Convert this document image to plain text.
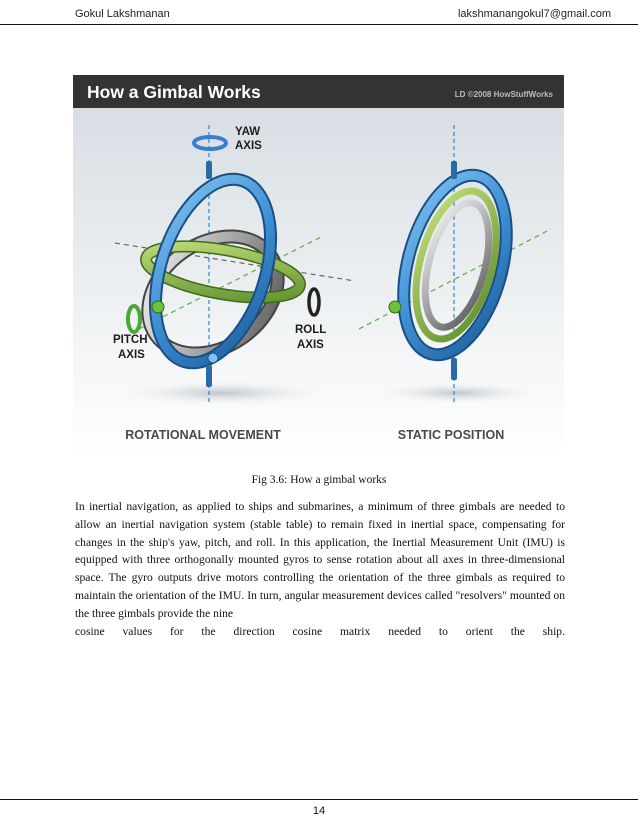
Gokul Lakshmanan	lakshmanangokul7@gmail.com
How a Gimbal Works	LD ©2008 HowStuffWorks
YAW
AXIS
PITCH
AXIS
ROLL
AXIS
ROTATIONAL MOVEMENT	STATIC POSITION
Fig 3.6: How a gimbal works

In inertial navigation, as applied to ships and submarines, a minimum of three gimbals are needed to allow an inertial navigation system (stable table) to remain fixed in inertial space, compensating for changes in the ship's yaw, pitch, and roll. In this application, the Inertial Measurement Unit (IMU) is equipped with three orthogonally mounted gyros to sense rotation about all axes in three-dimensional space. The gyro outputs drive motors controlling the orientation of the three gimbals as required to maintain the orientation of the IMU. In turn, angular measurement devices called "resolvers" mounted on the three gimbals provide the nine
cosine values for the direction cosine matrix needed to orient the ship.

14
